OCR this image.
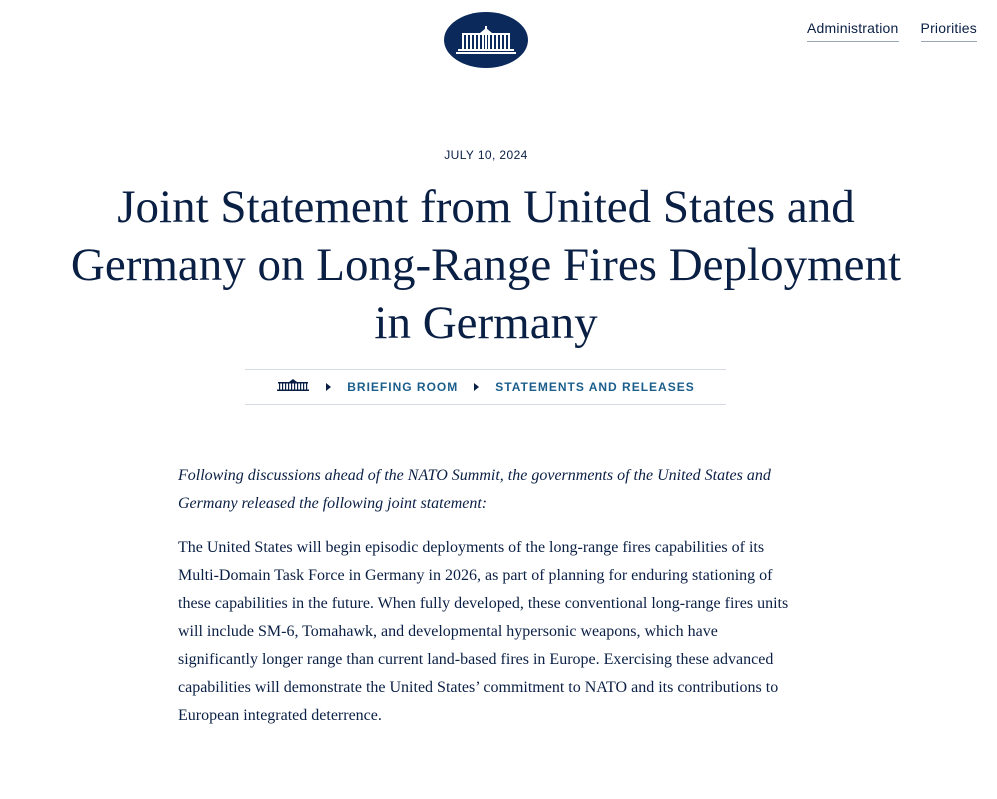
Administration Priorities
JULY 10, 2024
Joint Statement from United States and Germany on Long-Range Fires Deployment in Germany
BRIEFING ROOM	STATEMENTS AND RELEASES

Following discussions ahead of the NATO Summit, the governments of the United States and Germany released the following joint statement:

The United States will begin episodic deployments of the long-range fires capabilities of its Multi-Domain Task Force in Germany in 2026, as part of planning for enduring stationing of these capabilities in the future. When fully developed, these conventional long-range fires units will include SM-6, Tomahawk, and developmental hypersonic weapons, which have significantly longer range than current land-based fires in Europe. Exercising these advanced capabilities will demonstrate the United States’ commitment to NATO and its contributions to European integrated deterrence.
